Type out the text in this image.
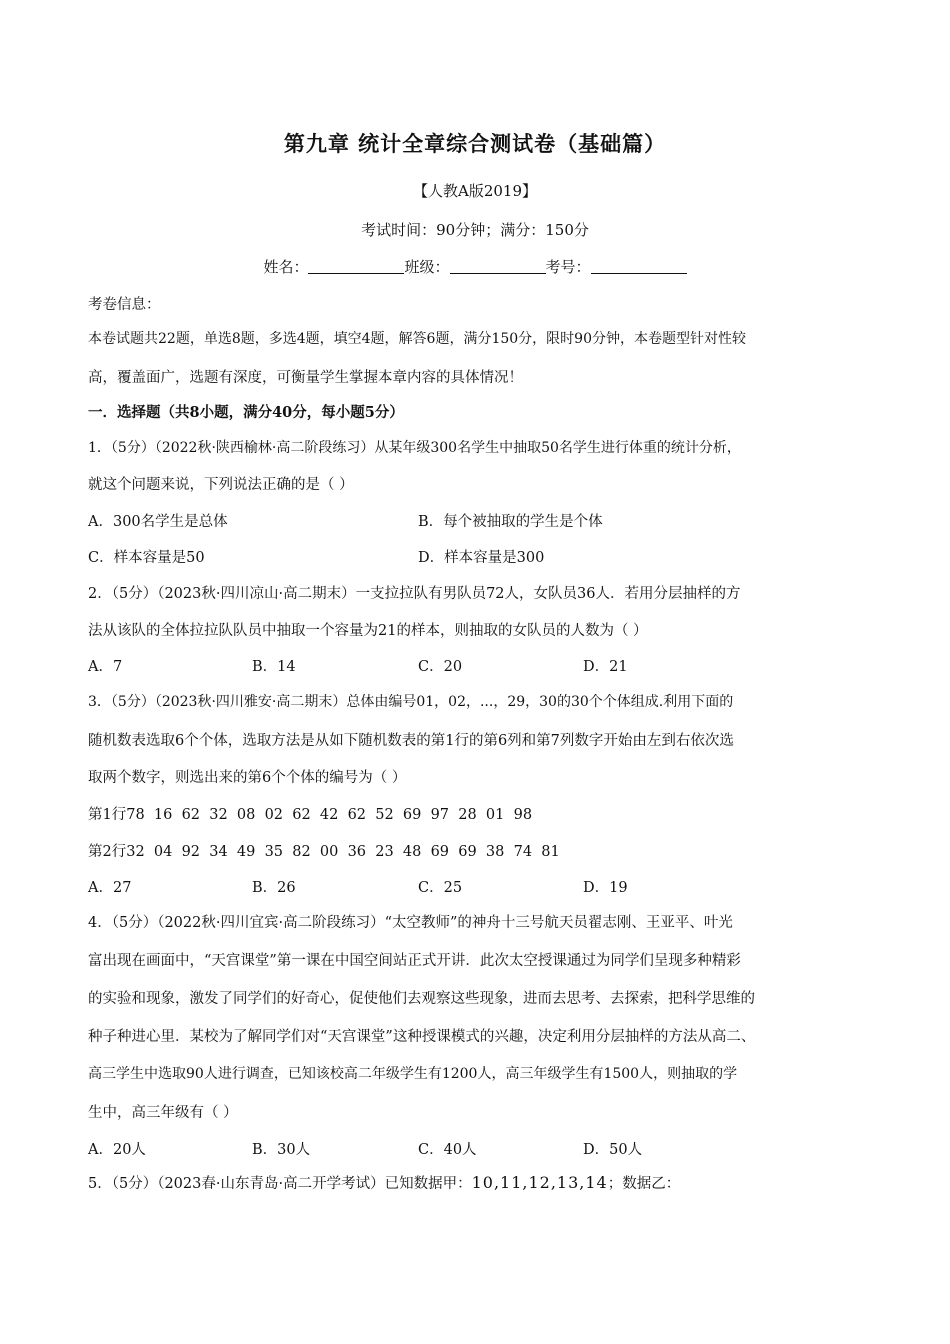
第九章 统计全章综合测试卷（基础篇）
【人教A版2019】
考试时间：90分钟；满分：150分
姓名：	班级：	考号：
考卷信息：
本卷试题共22题，单选8题，多选4题，填空4题，解答6题，满分150分，限时90分钟，本卷题型针对性较
高，覆盖面广，选题有深度，可衡量学生掌握本章内容的具体情况！
一．选择题（共8小题，满分40分，每小题5分）
1．（5分）（2022秋·陕西榆林·高二阶段练习）从某年级300名学生中抽取50名学生进行体重的统计分析，
就这个问题来说，下列说法正确的是（ ）
A．300名学生是总体	B．每个被抽取的学生是个体
C．样本容量是50	D．样本容量是300
2．（5分）（2023秋·四川凉山·高二期末）一支拉拉队有男队员72人，女队员36人．若用分层抽样的方
法从该队的全体拉拉队队员中抽取一个容量为21的样本，则抽取的女队员的人数为（ ）
A．7	B．14	C．20	D．21
3．（5分）（2023秋·四川雅安·高二期末）总体由编号01，02，...，29，30的30个个体组成.利用下面的
随机数表选取6个个体，选取方法是从如下随机数表的第1行的第6列和第7列数字开始由左到右依次选
取两个数字，则选出来的第6个个体的编号为（ ）
第1行78  16  62  32  08  02  62  42  62  52  69  97  28  01  98
第2行32  04  92  34  49  35  82  00  36  23  48  69  69  38  74  81
A．27	B．26	C．25	D．19
4．（5分）（2022秋·四川宜宾·高二阶段练习）“太空教师”的神舟十三号航天员翟志刚、王亚平、叶光
富出现在画面中，“天宫课堂”第一课在中国空间站正式开讲．此次太空授课通过为同学们呈现多种精彩
的实验和现象，激发了同学们的好奇心，促使他们去观察这些现象，进而去思考、去探索，把科学思维的
种子种进心里．某校为了解同学们对“天宫课堂”这种授课模式的兴趣，决定利用分层抽样的方法从高二、
高三学生中选取90人进行调查，已知该校高二年级学生有1200人，高三年级学生有1500人，则抽取的学
生中，高三年级有（ ）
A．20人	B．30人	C．40人	D．50人
5．（5分）（2023春·山东青岛·高二开学考试）已知数据甲：10,11,12,13,14；数据乙：
